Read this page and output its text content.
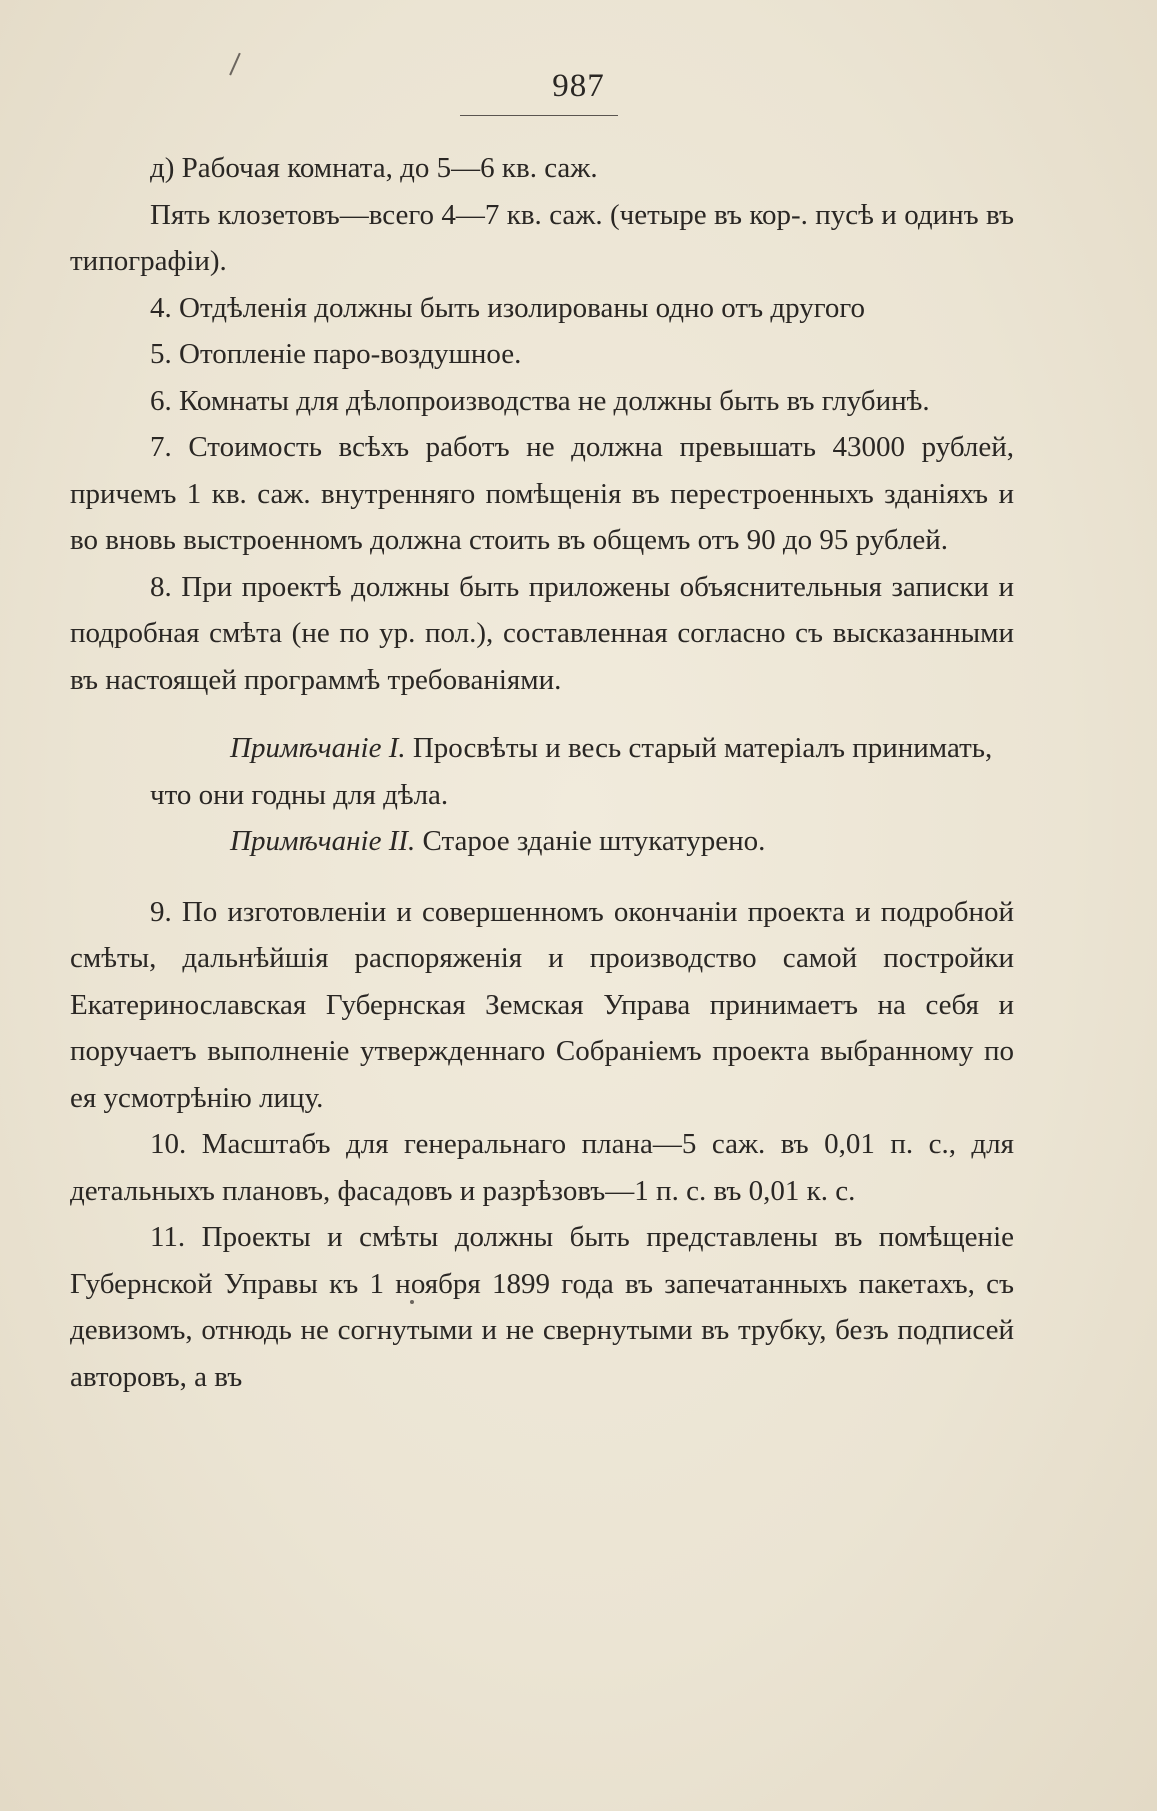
987

д) Рабочая комната, до 5—6 кв. саж.

Пять клозетовъ—всего 4—7 кв. саж. (четыре въ кор-. пусѣ и одинъ въ типографіи).

4. Отдѣленія должны быть изолированы одно отъ другого

5. Отопленіе паро-воздушное.

6. Комнаты для дѣлопроизводства не должны быть въ глубинѣ.

7. Стоимость всѣхъ работъ не должна превышать 43000 рублей, причемъ 1 кв. саж. внутренняго помѣщенія въ перестроенныхъ зданіяхъ и во вновь выстроенномъ должна стоить въ общемъ отъ 90 до 95 рублей.

8. При проектѣ должны быть приложены объяснительныя записки и подробная смѣта (не по ур. пол.), составленная согласно съ высказанными въ настоящей программѣ требованіями.

Примѣчаніе I. Просвѣты и весь старый матеріалъ принимать, что они годны для дѣла.

Примѣчаніе II. Старое зданіе штукатурено.

9. По изготовленіи и совершенномъ окончаніи проекта и подробной смѣты, дальнѣйшія распоряженія и производство самой постройки Екатеринославская Губернская Земская Управа принимаетъ на себя и поручаетъ выполненіе утвержденнаго Собраніемъ проекта выбранному по ея усмотрѣнію лицу.

10. Масштабъ для генеральнаго плана—5 саж. въ 0,01 п. с., для детальныхъ плановъ, фасадовъ и разрѣзовъ—1 п. с. въ 0,01 к. с.

11. Проекты и смѣты должны быть представлены въ помѣщеніе Губернской Управы къ 1 ноября 1899 года въ запечатанныхъ пакетахъ, съ девизомъ, отнюдь не согнутыми и не свернутыми въ трубку, безъ подписей авторовъ, а въ
